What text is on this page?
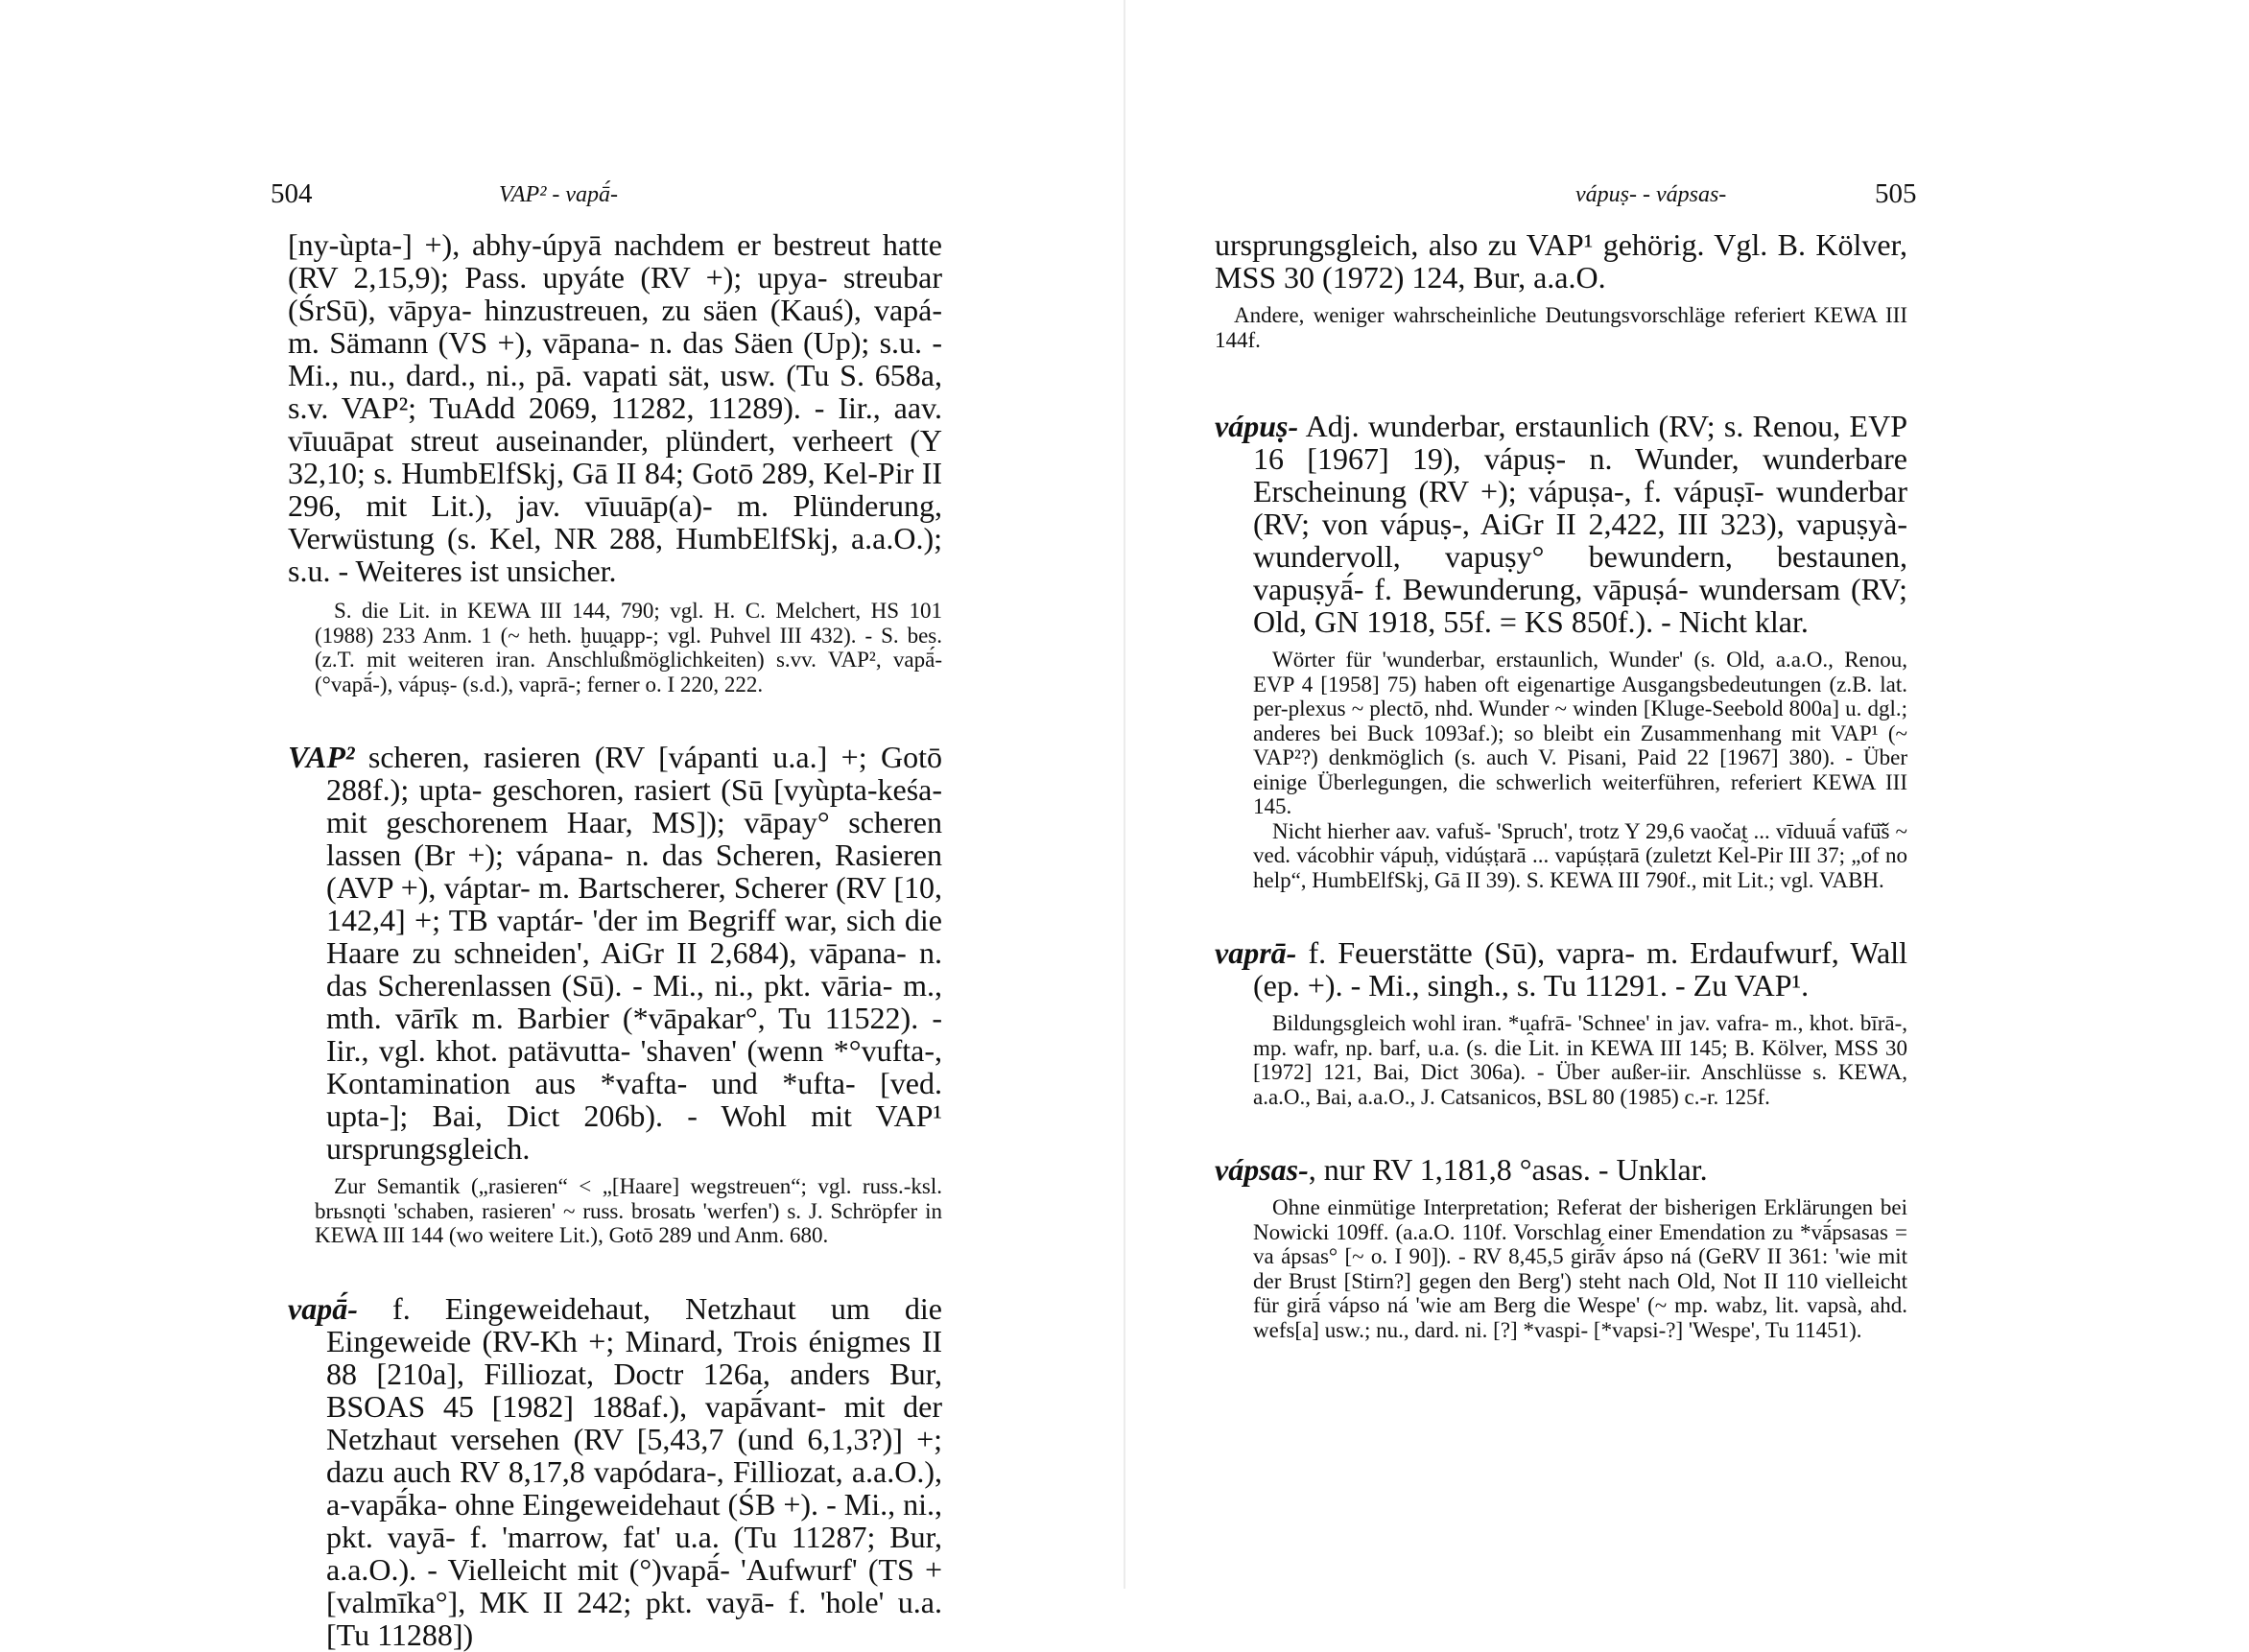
504	VAP² - vapā́-

[ny-ùpta-] +), abhy-úpyā nachdem er bestreut hatte (RV 2,15,9); Pass. upyáte (RV +); upya- streubar (ŚrSū), vāpya- hinzustreuen, zu säen (Kauś), vapá- m. Sämann (VS +), vāpana- n. das Säen (Up); s.u. - Mi., nu., dard., ni., pā. vapati sät, usw. (Tu S. 658a, s.v. VAP²; TuAdd 2069, 11282, 11289). - Iir., aav. vīuuāpat streut auseinander, plündert, verheert (Y 32,10; s. HumbElfSkj, Gā II 84; Gotō 289, Kel-Pir II 296, mit Lit.), jav. vīuuāp(a)- m. Plünderung, Verwüstung (s. Kel, NR 288, HumbElfSkj, a.a.O.); s.u. - Weiteres ist unsicher.

S. die Lit. in KEWA III 144, 790; vgl. H. C. Melchert, HS 101 (1988) 233 Anm. 1 (~ heth. ḫuu̯app-; vgl. Puhvel III 432). - S. bes. (z.T. mit weiteren iran. Anschlußmöglichkeiten) s.vv. VAP², vapā́- (°vapā́-), vápuṣ- (s.d.), vaprā-; ferner o. I 220, 222.

VAP² scheren, rasieren (RV [vápanti u.a.] +; Gotō 288f.); upta- geschoren, rasiert (Sū [vyùpta-keśa- mit geschorenem Haar, MS]); vāpay° scheren lassen (Br +); vápana- n. das Scheren, Rasieren (AVP +), váptar- m. Bartscherer, Scherer (RV [10, 142,4] +; TB vaptár- 'der im Begriff war, sich die Haare zu schneiden', AiGr II 2,684), vāpana- n. das Scherenlassen (Sū). - Mi., ni., pkt. vāria- m., mth. vārīk m. Barbier (*vāpakar°, Tu 11522). - Iir., vgl. khot. patävutta- 'shaven' (wenn *°vufta-, Kontamination aus *vafta- und *ufta- [ved. upta-]; Bai, Dict 206b). - Wohl mit VAP¹ ursprungsgleich.

Zur Semantik („rasieren“ < „[Haare] wegstreuen“; vgl. russ.-ksl. brьsnǫti 'schaben, rasieren' ~ russ. brosatь 'werfen') s. J. Schröpfer in KEWA III 144 (wo weitere Lit.), Gotō 289 und Anm. 680.

vapā́- f. Eingeweidehaut, Netzhaut um die Eingeweide (RV-Kh +; Minard, Trois énigmes II 88 [210a], Filliozat, Doctr 126a, anders Bur, BSOAS 45 [1982] 188af.), vapā́vant- mit der Netzhaut versehen (RV [5,43,7 (und 6,1,3?)] +; dazu auch RV 8,17,8 vapódara-, Filliozat, a.a.O.), a-vapā́ka- ohne Eingeweidehaut (ŚB +). - Mi., ni., pkt. vayā- f. 'marrow, fat' u.a. (Tu 11287; Bur, a.a.O.). - Vielleicht mit (°)vapā́- 'Aufwurf' (TS + [valmīka°], MK II 242; pkt. vayā- f. 'hole' u.a. [Tu 11288])

vápuṣ- - vápsas-	505

ursprungsgleich, also zu VAP¹ gehörig. Vgl. B. Kölver, MSS 30 (1972) 124, Bur, a.a.O.

Andere, weniger wahrscheinliche Deutungsvorschläge referiert KEWA III 144f.

vápuṣ- Adj. wunderbar, erstaunlich (RV; s. Renou, EVP 16 [1967] 19), vápuṣ- n. Wunder, wunderbare Erscheinung (RV +); vápuṣa-, f. vápuṣī- wunderbar (RV; von vápuṣ-, AiGr II 2,422, III 323), vapuṣyà- wundervoll, vapuṣy° bewundern, bestaunen, vapuṣyā́- f. Bewunderung, vāpuṣá- wundersam (RV; Old, GN 1918, 55f. = KS 850f.). - Nicht klar.

Wörter für 'wunderbar, erstaunlich, Wunder' (s. Old, a.a.O., Renou, EVP 4 [1958] 75) haben oft eigenartige Ausgangsbedeutungen (z.B. lat. per-plexus ~ plectō, nhd. Wunder ~ winden [Kluge-Seebold 800a] u. dgl.; anderes bei Buck 1093af.); so bleibt ein Zusammenhang mit VAP¹ (~ VAP²?) denkmöglich (s. auch V. Pisani, Paid 22 [1967] 380). - Über einige Überlegungen, die schwerlich weiterführen, referiert KEWA III 145.

Nicht hierher aav. vafuš- 'Spruch', trotz Y 29,6 vaočat̰ ... vīduuā́ vafū̆š ~ ved. vácobhir vápuḥ, vidúṣṭarā ... vapúṣṭarā (zuletzt Kel-Pir III 37; „of no help“, HumbElfSkj, Gā II 39). S. KEWA III 790f., mit Lit.; vgl. VABH.

vaprā- f. Feuerstätte (Sū), vapra- m. Erdaufwurf, Wall (ep. +). - Mi., singh., s. Tu 11291. - Zu VAP¹.

Bildungsgleich wohl iran. *u̯afrā- 'Schnee' in jav. vafra- m., khot. bīrā-, mp. wafr, np. barf, u.a. (s. die Lit. in KEWA III 145; B. Kölver, MSS 30 [1972] 121, Bai, Dict 306a). - Über außer-iir. Anschlüsse s. KEWA, a.a.O., Bai, a.a.O., J. Catsanicos, BSL 80 (1985) c.-r. 125f.

vápsas-, nur RV 1,181,8 °asas. - Unklar.

Ohne einmütige Interpretation; Referat der bisherigen Erklärungen bei Nowicki 109ff. (a.a.O. 110f. Vorschlag einer Emendation zu *vā́psasas = va ápsas° [~ o. I 90]). - RV 8,45,5 girā́v ápso ná (GeRV II 361: 'wie mit der Brust [Stirn?] gegen den Berg') steht nach Old, Not II 110 vielleicht für girā́ vápso ná 'wie am Berg die Wespe' (~ mp. wabz, lit. vapsà, ahd. wefs[a] usw.; nu., dard. ni. [?] *vaspi- [*vapsi-?] 'Wespe', Tu 11451).
